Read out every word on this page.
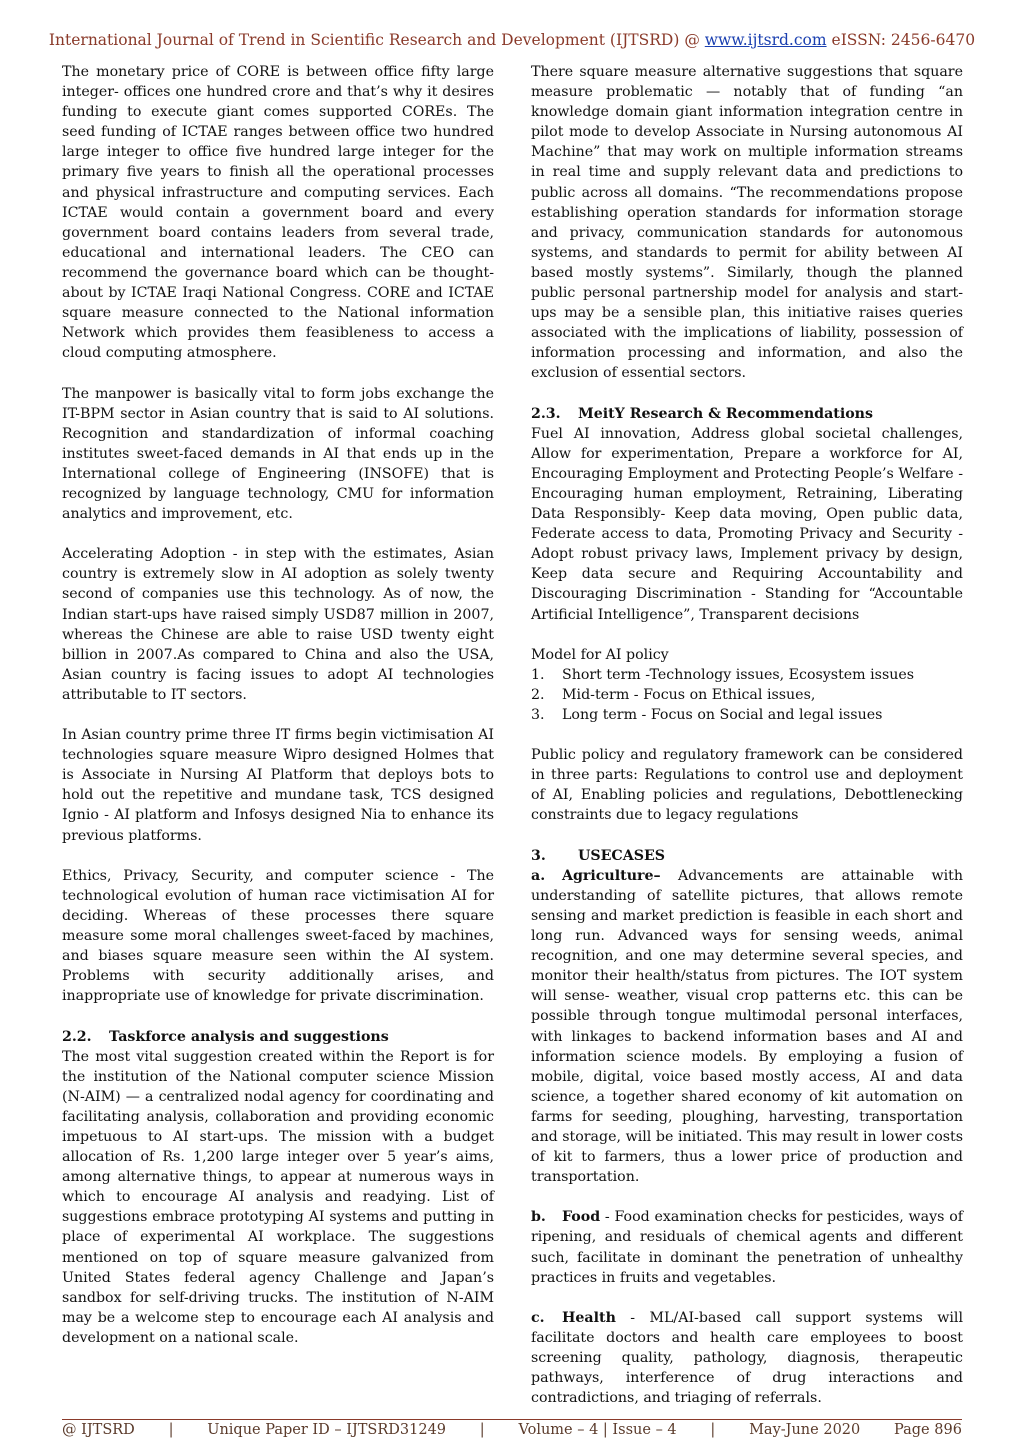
International Journal of Trend in Scientific Research and Development (IJTSRD) @ www.ijtsrd.com eISSN: 2456-6470

The monetary price of CORE is between office fifty large integer- offices one hundred crore and that’s why it desires funding to execute giant comes supported COREs. The seed funding of ICTAE ranges between office two hundred large integer to office five hundred large integer for the primary five years to finish all the operational processes and physical infrastructure and computing services. Each ICTAE would contain a government board and every government board contains leaders from several trade, educational and international leaders. The CEO can recommend the governance board which can be thought-about by ICTAE Iraqi National Congress. CORE and ICTAE square measure connected to the National information Network which provides them feasibleness to access a cloud computing atmosphere.

The manpower is basically vital to form jobs exchange the IT-BPM sector in Asian country that is said to AI solutions. Recognition and standardization of informal coaching institutes sweet-faced demands in AI that ends up in the International college of Engineering (INSOFE) that is recognized by language technology, CMU for information analytics and improvement, etc.

Accelerating Adoption - in step with the estimates, Asian country is extremely slow in AI adoption as solely twenty second of companies use this technology. As of now, the Indian start-ups have raised simply USD87 million in 2007, whereas the Chinese are able to raise USD twenty eight billion in 2007.As compared to China and also the USA, Asian country is facing issues to adopt AI technologies attributable to IT sectors.

In Asian country prime three IT firms begin victimisation AI technologies square measure Wipro designed Holmes that is Associate in Nursing AI Platform that deploys bots to hold out the repetitive and mundane task, TCS designed Ignio - AI platform and Infosys designed Nia to enhance its previous platforms.

Ethics, Privacy, Security, and computer science - The technological evolution of human race victimisation AI for deciding. Whereas of these processes there square measure some moral challenges sweet-faced by machines, and biases square measure seen within the AI system. Problems with security additionally arises, and inappropriate use of knowledge for private discrimination.

2.2. Taskforce analysis and suggestions

The most vital suggestion created within the Report is for the institution of the National computer science Mission (N-AIM) — a centralized nodal agency for coordinating and facilitating analysis, collaboration and providing economic impetuous to AI start-ups. The mission with a budget allocation of Rs. 1,200 large integer over 5 year’s aims, among alternative things, to appear at numerous ways in which to encourage AI analysis and readying. List of suggestions embrace prototyping AI systems and putting in place of experimental AI workplace. The suggestions mentioned on top of square measure galvanized from United States federal agency Challenge and Japan’s sandbox for self-driving trucks. The institution of N-AIM may be a welcome step to encourage each AI analysis and development on a national scale.

There square measure alternative suggestions that square measure problematic — notably that of funding “an knowledge domain giant information integration centre in pilot mode to develop Associate in Nursing autonomous AI Machine” that may work on multiple information streams in real time and supply relevant data and predictions to public across all domains. “The recommendations propose establishing operation standards for information storage and privacy, communication standards for autonomous systems, and standards to permit for ability between AI based mostly systems”. Similarly, though the planned public personal partnership model for analysis and start-ups may be a sensible plan, this initiative raises queries associated with the implications of liability, possession of information processing and information, and also the exclusion of essential sectors.

2.3. MeitY Research & Recommendations

Fuel AI innovation, Address global societal challenges, Allow for experimentation, Prepare a workforce for AI, Encouraging Employment and Protecting People’s Welfare - Encouraging human employment, Retraining, Liberating Data Responsibly- Keep data moving, Open public data, Federate access to data, Promoting Privacy and Security - Adopt robust privacy laws, Implement privacy by design, Keep data secure and Requiring Accountability and Discouraging Discrimination - Standing for “Accountable Artificial Intelligence”, Transparent decisions

Model for AI policy
1. Short term -Technology issues, Ecosystem issues
2. Mid-term - Focus on Ethical issues,
3. Long term - Focus on Social and legal issues

Public policy and regulatory framework can be considered in three parts: Regulations to control use and deployment of AI, Enabling policies and regulations, Debottlenecking constraints due to legacy regulations

3. USECASES

a. Agriculture– Advancements are attainable with understanding of satellite pictures, that allows remote sensing and market prediction is feasible in each short and long run. Advanced ways for sensing weeds, animal recognition, and one may determine several species, and monitor their health/status from pictures. The IOT system will sense- weather, visual crop patterns etc. this can be possible through tongue multimodal personal interfaces, with linkages to backend information bases and AI and information science models. By employing a fusion of mobile, digital, voice based mostly access, AI and data science, a together shared economy of kit automation on farms for seeding, ploughing, harvesting, transportation and storage, will be initiated. This may result in lower costs of kit to farmers, thus a lower price of production and transportation.

b. Food - Food examination checks for pesticides, ways of ripening, and residuals of chemical agents and different such, facilitate in dominant the penetration of unhealthy practices in fruits and vegetables.

c. Health - ML/AI-based call support systems will facilitate doctors and health care employees to boost screening quality, pathology, diagnosis, therapeutic pathways, interference of drug interactions and contradictions, and triaging of referrals.

@ IJTSRD | Unique Paper ID – IJTSRD31249 | Volume – 4 | Issue – 4 | May-June 2020 Page 896
